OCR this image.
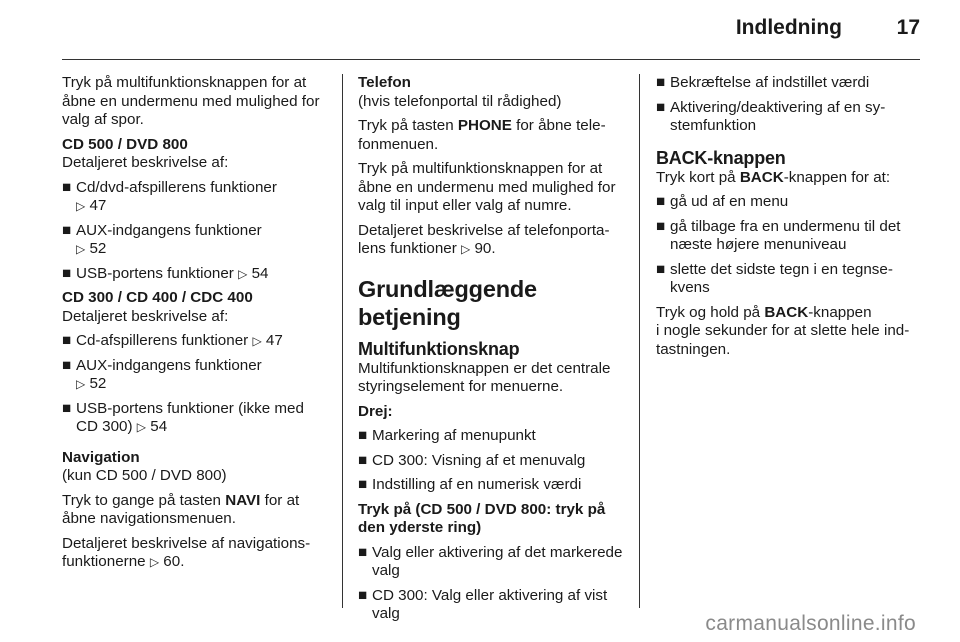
Indledning	17

Tryk på multifunktionsknappen for at åbne en undermenu med mulighed for valg af spor.

CD 500 / DVD 800

Detaljeret beskrivelse af:

■ Cd/dvd-afspillerens funktioner
▷ 47
■ AUX-indgangens funktioner
▷ 52
■ USB-portens funktioner ▷ 54
CD 300 / CD 400 / CDC 400

Detaljeret beskrivelse af:

■ Cd-afspillerens funktioner ▷ 47
■ AUX-indgangens funktioner
▷ 52
■ USB-portens funktioner (ikke med CD 300) ▷ 54
Navigation

(kun CD 500 / DVD 800)

Tryk to gange på tasten NAVI for at åbne navigationsmenuen.

Detaljeret beskrivelse af navigationsfunktionerne ▷ 60.

Telefon

(hvis telefonportal til rådighed)

Tryk på tasten PHONE for åbne telefonmenuen.

Tryk på multifunktionsknappen for at åbne en undermenu med mulighed for valg til input eller valg af numre.

Detaljeret beskrivelse af telefonportalens funktioner ▷ 90.

Grundlæggende betjening
Multifunktionsknap

Multifunktionsknappen er det centrale styringselement for menuerne.

Drej:

■ Markering af menupunkt
■ CD 300: Visning af et menuvalg
■ Indstilling af en numerisk værdi

Tryk på (CD 500 / DVD 800: tryk på den yderste ring)

■ Valg eller aktivering af det markerede valg
■ CD 300: Valg eller aktivering af vist valg
■ Bekræftelse af indstillet værdi
■ Aktivering/deaktivering af en systemfunktion
BACK-knappen

Tryk kort på BACK-knappen for at:

■ gå ud af en menu
■ gå tilbage fra en undermenu til det næste højere menuniveau
■ slette det sidste tegn i en tegnsekvens

Tryk og hold på BACK-knappen

i nogle sekunder for at slette hele indtastningen.

carmanualsonline.info
